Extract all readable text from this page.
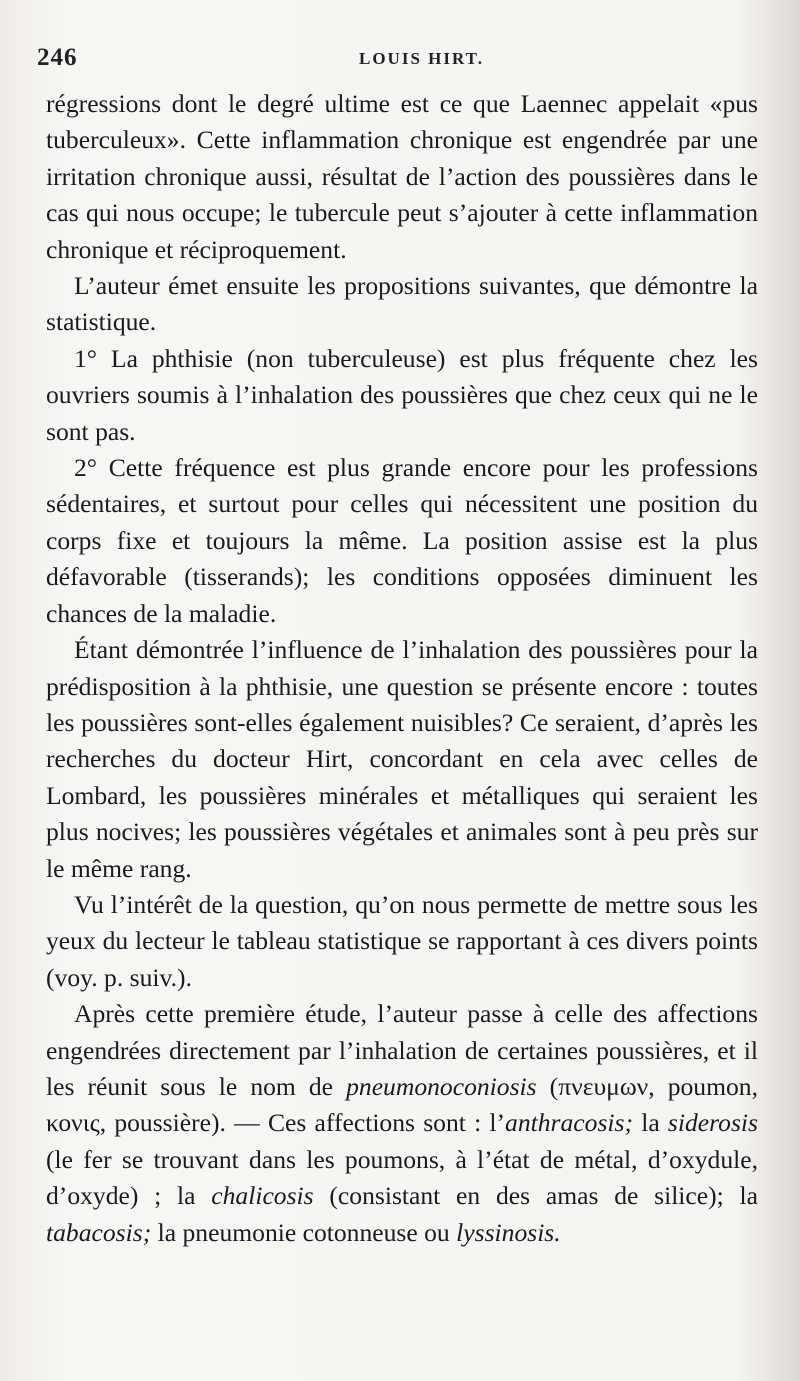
246	LOUIS HIRT.

régressions dont le degré ultime est ce que Laennec appelait «pus tuberculeux». Cette inflammation chronique est engendrée par une irritation chronique aussi, résultat de l’action des poussières dans le cas qui nous occupe; le tubercule peut s’ajouter à cette inflammation chronique et réciproquement.

L’auteur émet ensuite les propositions suivantes, que démontre la statistique.

1° La phthisie (non tuberculeuse) est plus fréquente chez les ouvriers soumis à l’inhalation des poussières que chez ceux qui ne le sont pas.

2° Cette fréquence est plus grande encore pour les professions sédentaires, et surtout pour celles qui nécessitent une position du corps fixe et toujours la même. La position assise est la plus défavorable (tisserands); les conditions opposées diminuent les chances de la maladie.

Étant démontrée l’influence de l’inhalation des poussières pour la prédisposition à la phthisie, une question se présente encore : toutes les poussières sont-elles également nuisibles? Ce seraient, d’après les recherches du docteur Hirt, concordant en cela avec celles de Lombard, les poussières minérales et métalliques qui seraient les plus nocives; les poussières végétales et animales sont à peu près sur le même rang.

Vu l’intérêt de la question, qu’on nous permette de mettre sous les yeux du lecteur le tableau statistique se rapportant à ces divers points (voy. p. suiv.).

Après cette première étude, l’auteur passe à celle des affections engendrées directement par l’inhalation de certaines poussières, et il les réunit sous le nom de pneumonoconiosis (πνευμων, poumon, κονις, poussière). — Ces affections sont : l’anthracosis; la siderosis (le fer se trouvant dans les poumons, à l’état de métal, d’oxydule, d’oxyde) ; la chalicosis (consistant en des amas de silice); la tabacosis; la pneumonie cotonneuse ou lyssinosis.
